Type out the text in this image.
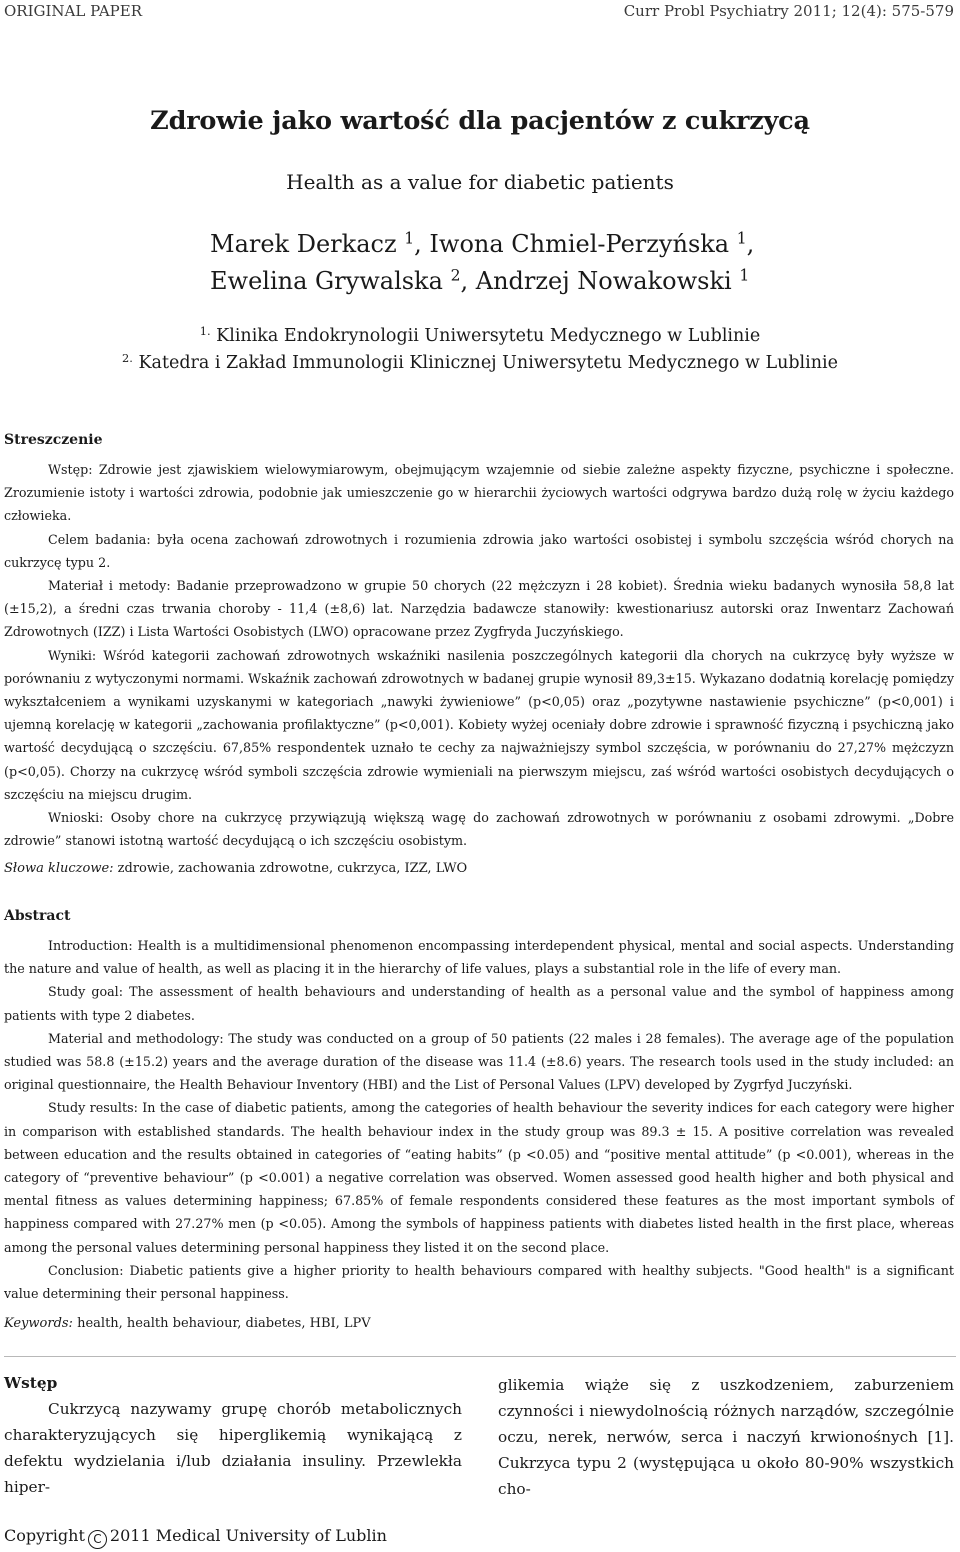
ORIGINAL PAPER	Curr Probl Psychiatry 2011; 12(4): 575-579
Zdrowie jako wartość dla pacjentów z cukrzycą
Health as a value for diabetic patients
Marek Derkacz $^1$, Iwona Chmiel-Perzyńska $^1$,
Ewelina Grywalska $^2$, Andrzej Nowakowski $^1$
$^{1.}$ Klinika Endokrynologii Uniwersytetu Medycznego w Lublinie
$^{2.}$ Katedra i Zakład Immunologii Klinicznej Uniwersytetu Medycznego w Lublinie
Streszczenie

Wstęp: Zdrowie jest zjawiskiem wielowymiarowym, obejmującym wzajemnie od siebie zależne aspekty fizyczne, psychiczne i społeczne. Zrozumienie istoty i wartości zdrowia, podobnie jak umieszczenie go w hierarchii życiowych wartości odgrywa bardzo dużą rolę w życiu każdego człowieka.

Celem badania: była ocena zachowań zdrowotnych i rozumienia zdrowia jako wartości osobistej i symbolu szczęścia wśród chorych na cukrzycę typu 2.

Materiał i metody: Badanie przeprowadzono w grupie 50 chorych (22 mężczyzn i 28 kobiet). Średnia wieku badanych wynosiła 58,8 lat (±15,2), a średni czas trwania choroby - 11,4 (±8,6) lat. Narzędzia badawcze stanowiły: kwestionariusz autorski oraz Inwentarz Zachowań Zdrowotnych (IZZ) i Lista Wartości Osobistych (LWO) opracowane przez Zygfryda Juczyńskiego.

Wyniki: Wśród kategorii zachowań zdrowotnych wskaźniki nasilenia poszczególnych kategorii dla chorych na cukrzycę były wyższe w porównaniu z wytyczonymi normami. Wskaźnik zachowań zdrowotnych w badanej grupie wynosił 89,3±15. Wykazano dodatnią korelację pomiędzy wykształceniem a wynikami uzyskanymi w kategoriach „nawyki żywieniowe” (p<0,05) oraz „pozytywne nastawienie psychiczne” (p<0,001) i ujemną korelację w kategorii „zachowania profilaktyczne” (p<0,001). Kobiety wyżej oceniały dobre zdrowie i sprawność fizyczną i psychiczną jako wartość decydującą o szczęściu. 67,85% respondentek uznało te cechy za najważniejszy symbol szczęścia, w porównaniu do 27,27% mężczyzn (p<0,05). Chorzy na cukrzycę wśród symboli szczęścia zdrowie wymieniali na pierwszym miejscu, zaś wśród wartości osobistych decydujących o szczęściu na miejscu drugim.

Wnioski: Osoby chore na cukrzycę przywiązują większą wagę do zachowań zdrowotnych w porównaniu z osobami zdrowymi. „Dobre zdrowie” stanowi istotną wartość decydującą o ich szczęściu osobistym.

Słowa kluczowe: zdrowie, zachowania zdrowotne, cukrzyca, IZZ, LWO
Abstract

Introduction: Health is a multidimensional phenomenon encompassing interdependent physical, mental and social aspects. Understanding the nature and value of health, as well as placing it in the hierarchy of life values, plays a substantial role in the life of every man.

Study goal: The assessment of health behaviours and understanding of health as a personal value and the symbol of happiness among patients with type 2 diabetes.

Material and methodology: The study was conducted on a group of 50 patients (22 males i 28 females). The average age of the population studied was 58.8 (±15.2) years and the average duration of the disease was 11.4 (±8.6) years. The research tools used in the study included: an original questionnaire, the Health Behaviour Inventory (HBI) and the List of Personal Values (LPV) developed by Zygrfyd Juczyński.

Study results: In the case of diabetic patients, among the categories of health behaviour the severity indices for each category were higher in comparison with established standards. The health behaviour index in the study group was 89.3 ± 15. A positive correlation was revealed between education and the results obtained in categories of “eating habits” (p <0.05) and “positive mental attitude” (p <0.001), whereas in the category of “preventive behaviour” (p <0.001) a negative correlation was observed. Women assessed good health higher and both physical and mental fitness as values determining happiness; 67.85% of female respondents considered these features as the most important symbols of happiness compared with 27.27% men (p <0.05). Among the symbols of happiness patients with diabetes listed health in the first place, whereas among the personal values determining personal happiness they listed it on the second place.

Conclusion: Diabetic patients give a higher priority to health behaviours compared with healthy subjects. "Good health" is a significant value determining their personal happiness.

Keywords: health, health behaviour, diabetes, HBI, LPV
Wstęp

Cukrzycą nazywamy grupę chorób metabolicznych charakteryzujących się hiperglikemią wynikającą z defektu wydzielania i/lub działania insuliny. Przewlekła hiper-

glikemia wiąże się z uszkodzeniem, zaburzeniem czynności i niewydolnością różnych narządów, szczególnie oczu, nerek, nerwów, serca i naczyń krwionośnych [1]. Cukrzyca typu 2 (występująca u około 80-90% wszystkich cho-
Copyright C 2011 Medical University of Lublin
